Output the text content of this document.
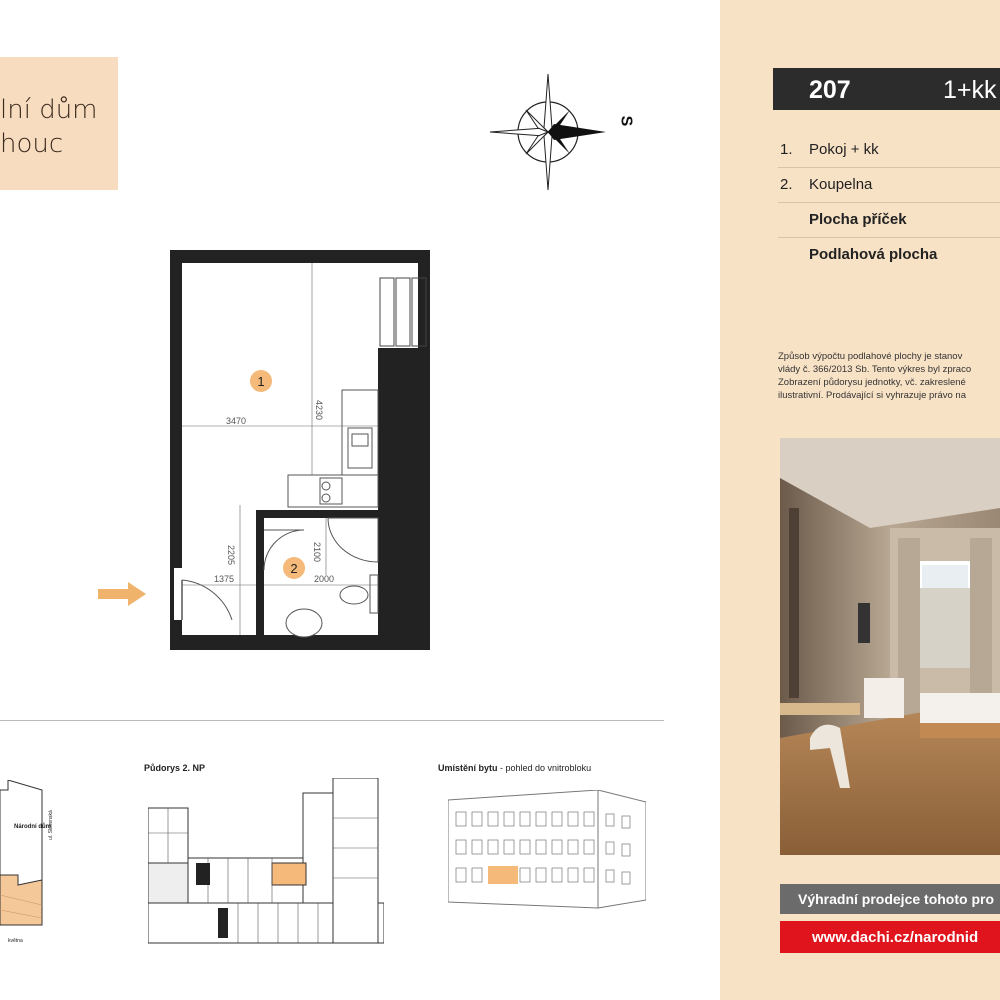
lní dům
houc
S
3470
4230
2205	2100
1375	2000
1
2
Národní dům
ul. Slovenská
května
Půdorys 2. NP	Umístění bytu - pohled do vnitrobloku
207	1+kk
1. Pokoj + kk
2. Koupelna
Plocha příček
Podlahová plocha
Způsob výpočtu podlahové plochy je stanov
vlády č. 366/2013 Sb. Tento výkres byl zpraco
Zobrazení půdorysu jednotky, vč. zakreslené
ilustrativní. Prodávající si vyhrazuje právo na
Výhradní prodejce tohoto pro
www.dachi.cz/narodnid
